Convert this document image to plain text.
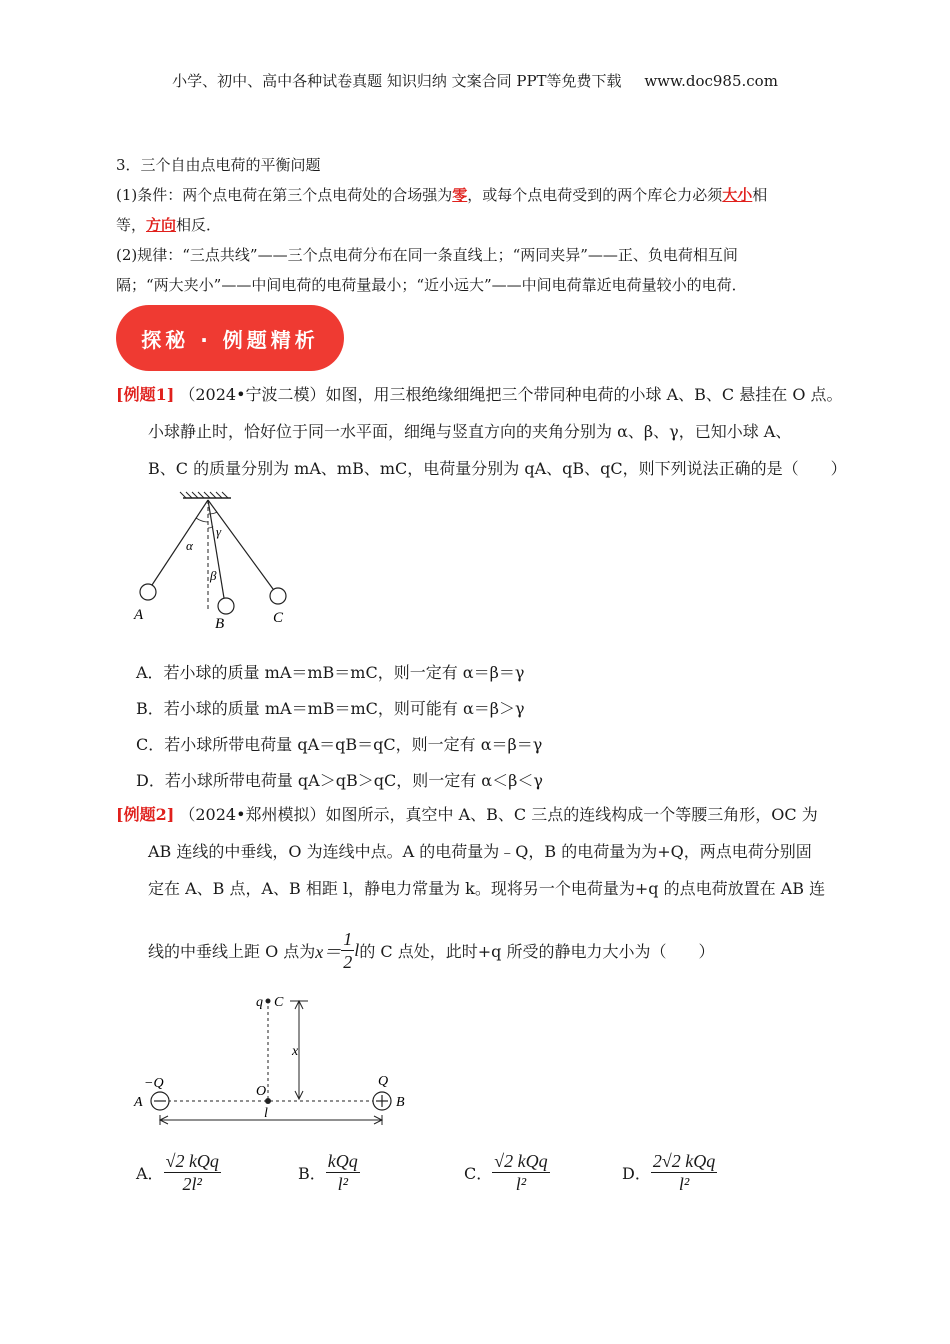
小学、初中、高中各种试卷真题 知识归纳 文案合同 PPT等免费下载 www.doc985.com
3．三个自由点电荷的平衡问题
(1)条件：两个点电荷在第三个点电荷处的合场强为零，或每个点电荷受到的两个库仑力必须大小相
等，方向相反．
(2)规律：“三点共线”——三个点电荷分布在同一条直线上；“两同夹异”——正、负电荷相互间
隔；“两大夹小”——中间电荷的电荷量最小；“近小远大”——中间电荷靠近电荷量较小的电荷．
探秘 · 例题精析
[例题1] （2024•宁波二模）如图，用三根绝缘细绳把三个带同种电荷的小球 A、B、C 悬挂在 O 点。
小球静止时，恰好位于同一水平面，细绳与竖直方向的夹角分别为 α、β、γ，已知小球 A、
B、C 的质量分别为 mA、mB、mC，电荷量分别为 qA、qB、qC，则下列说法正确的是（　　）
α
β
γ
A
B	C
A．若小球的质量 mA＝mB＝mC，则一定有 α＝β＝γ
B．若小球的质量 mA＝mB＝mC，则可能有 α＝β＞γ
C．若小球所带电荷量 qA＝qB＝qC，则一定有 α＝β＝γ
D．若小球所带电荷量 qA＞qB＞qC，则一定有 α＜β＜γ
[例题2] （2024•郑州模拟）如图所示，真空中 A、B、C 三点的连线构成一个等腰三角形，OC 为
AB 连线的中垂线，O 为连线中点。A 的电荷量为﹣Q，B 的电荷量为为+Q，两点电荷分别固
定在 A、B 点，A、B 相距 l，静电力常量为 k。现将另一个电荷量为+q 的点电荷放置在 AB 连
线的中垂线上距 O 点为 $x= \frac{1}{2}$ l 的 C 点处，此时+q 所受的静电力大小为（　　）
q C
x
O
−Q	Q
A	B
l
A． $\frac{\text{√2 kQq}}{\text{2l²}}$	B． $\frac{\text{kQq}}{\text{l²}}$	C． $\frac{\text{√2 kQq}}{\text{l²}}$	D． $\frac{\text{2√2 kQq}}{\text{l²}}$
